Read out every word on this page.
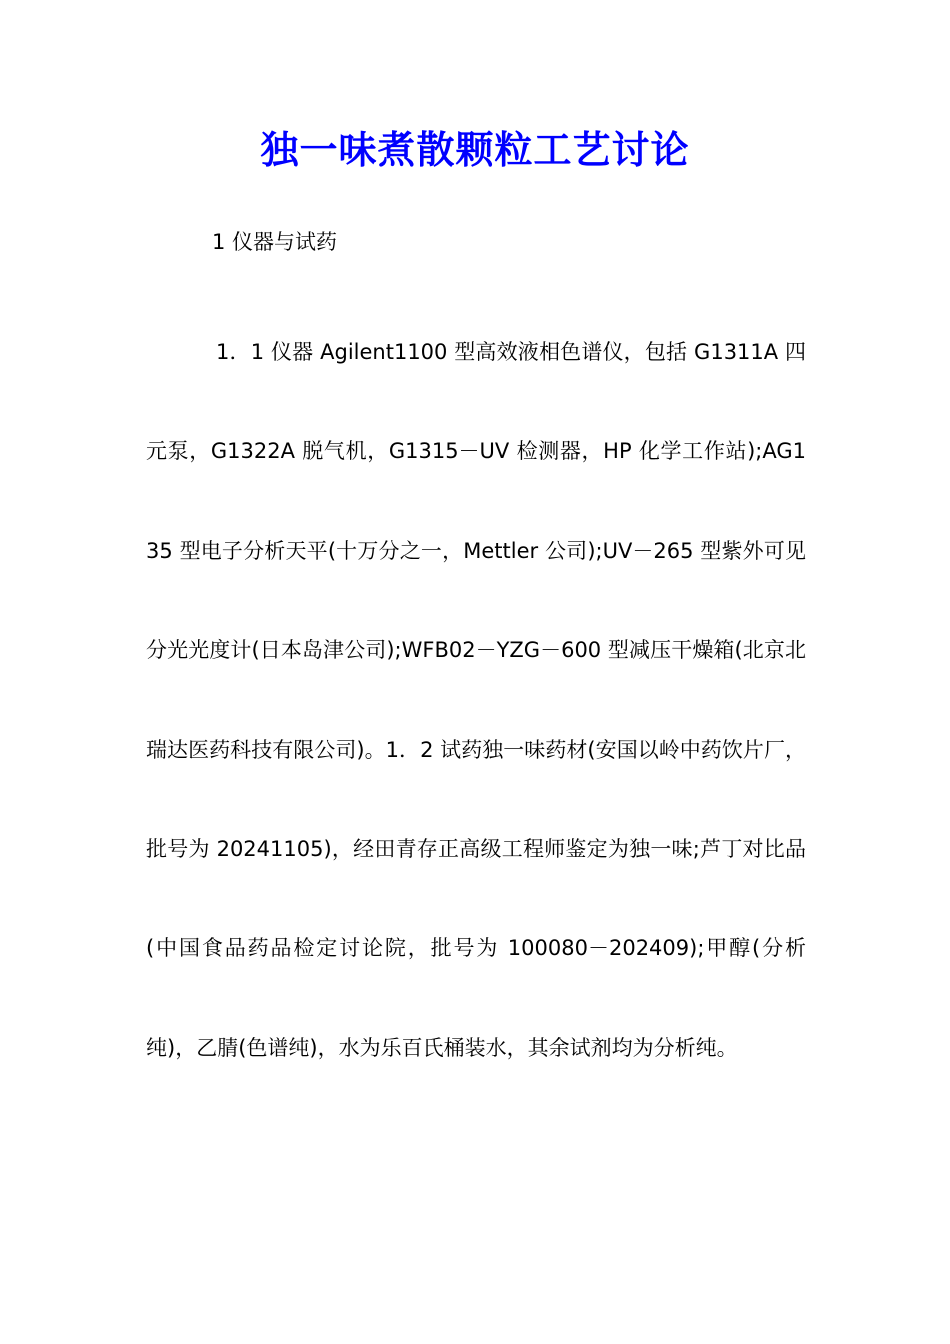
独一味煮散颗粒工艺讨论
1 仪器与试药
1．1 仪器 Agilent1100 型高效液相色谱仪，包括 G1311A 四元泵，G1322A 脱气机，G1315－UV 检测器，HP 化学工作站);AG135 型电子分析天平(十万分之一，Mettler 公司);UV－265 型紫外可见分光光度计(日本岛津公司);WFB02－YZG－600 型减压干燥箱(北京北瑞达医药科技有限公司)。1．2 试药独一味药材(安国以岭中药饮片厂，批号为 20241105)，经田青存正高级工程师鉴定为独一味;芦丁对比品(中国食品药品检定讨论院，批号为 100080－202409);甲醇(分析纯)，乙腈(色谱纯)，水为乐百氏桶装水，其余试剂均为分析纯。
